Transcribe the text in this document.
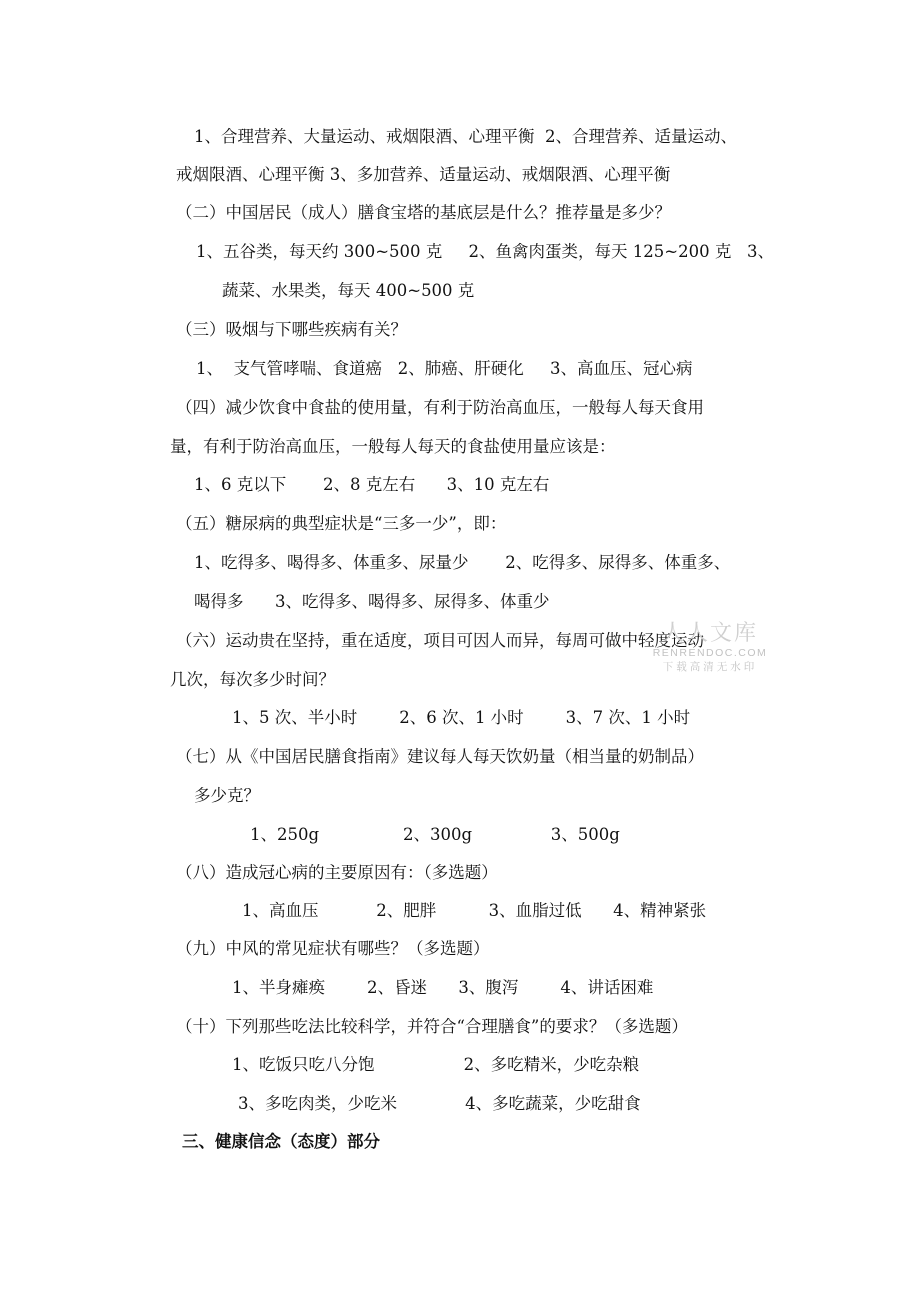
1、合理营养、大量运动、戒烟限酒、心理平衡  2、合理营养、适量运动、

戒烟限酒、心理平衡 3、多加营养、适量运动、戒烟限酒、心理平衡

（二）中国居民（成人）膳食宝塔的基底层是什么？推荐量是多少？

1、五谷类，每天约 300~500 克     2、鱼禽肉蛋类，每天 125~200 克   3、

蔬菜、水果类，每天 400~500 克

（三）吸烟与下哪些疾病有关？

1、  支气管哮喘、食道癌   2、肺癌、肝硬化     3、高血压、冠心病

（四）减少饮食中食盐的使用量，有利于防治高血压，一般每人每天食用

量，有利于防治高血压，一般每人每天的食盐使用量应该是：

1、6 克以下       2、8 克左右      3、10 克左右

（五）糖尿病的典型症状是“三多一少”，即：

1、吃得多、喝得多、体重多、尿量少       2、吃得多、尿得多、体重多、

喝得多      3、吃得多、喝得多、尿得多、体重少

（六）运动贵在坚持，重在适度，项目可因人而异，每周可做中轻度运动

几次，每次多少时间？

1、5 次、半小时        2、6 次、1 小时        3、7 次、1 小时

（七）从《中国居民膳食指南》建议每人每天饮奶量（相当量的奶制品）

多少克？

1、250g                2、300g               3、500g

（八）造成冠心病的主要原因有：（多选题）

1、高血压           2、肥胖          3、血脂过低      4、精神紧张

（九）中风的常见症状有哪些？（多选题）

1、半身瘫痪        2、昏迷      3、腹泻        4、讲话困难

（十）下列那些吃法比较科学，并符合“合理膳食”的要求？（多选题）

1、吃饭只吃八分饱                 2、多吃精米，少吃杂粮

3、多吃肉类，少吃米             4、多吃蔬菜，少吃甜食

三、健康信念（态度）部分

人人文库
RENRENDOC.COM
下载高清无水印
